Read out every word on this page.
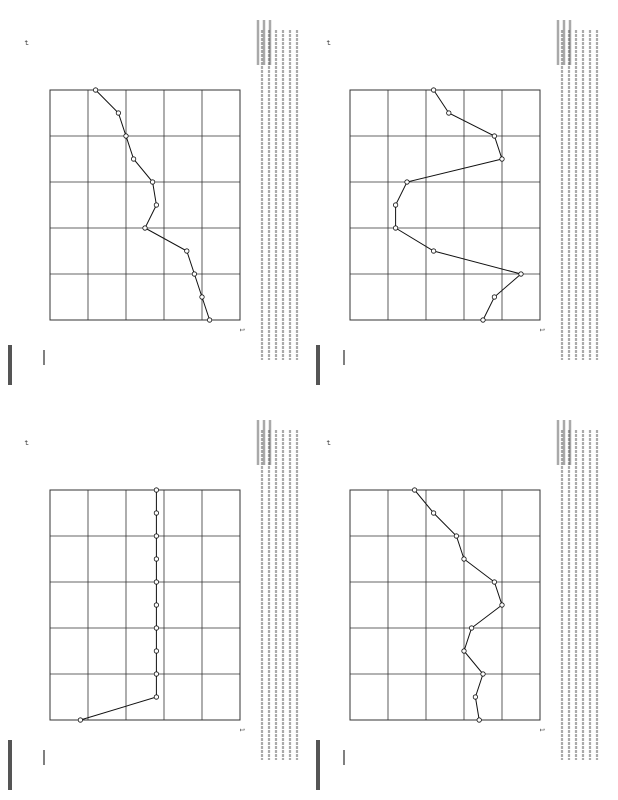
1
1
1
1
↵
↵
↵
↵
